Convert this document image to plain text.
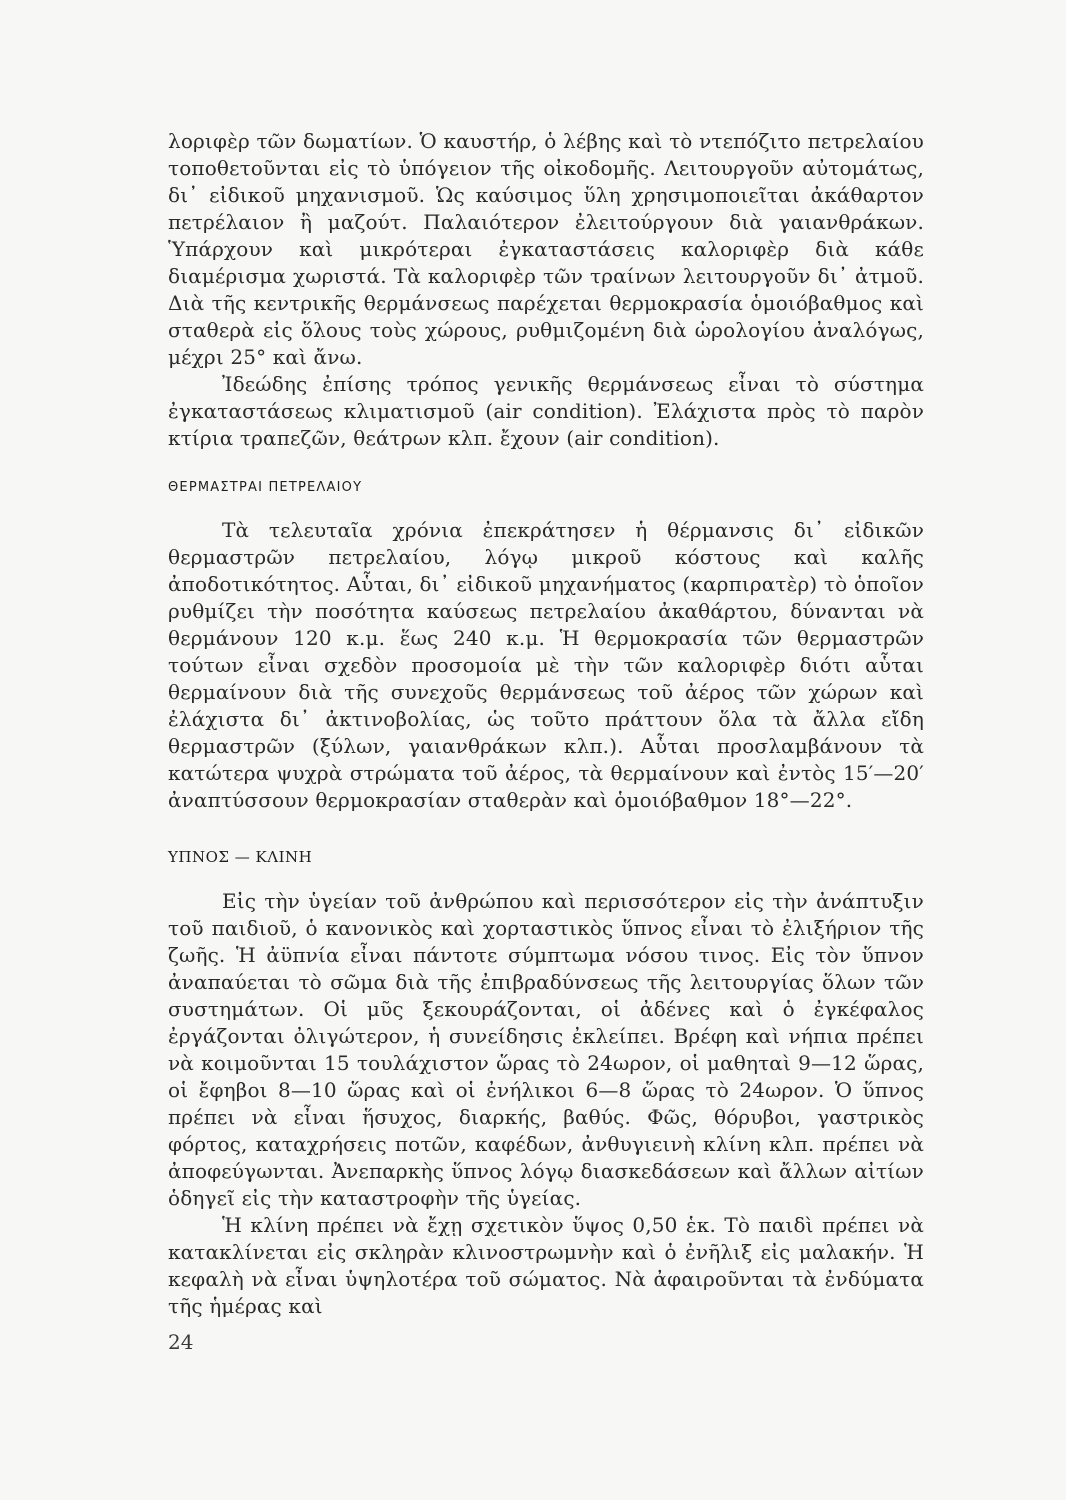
λοριφὲρ τῶν δωματίων. Ὁ καυστήρ, ὁ λέβης καὶ τὸ ντεπόζιτο πετρελαίου τοποθετοῦνται εἰς τὸ ὑπόγειον τῆς οἰκοδομῆς. Λειτουργοῦν αὐτομάτως, δι᾽ εἰδικοῦ μηχανισμοῦ. Ὡς καύσιμος ὕλη χρησιμοποιεῖται ἀκάθαρτον πετρέλαιον ἢ μαζούτ. Παλαιότερον ἐλειτούργουν διὰ γαιανθράκων. Ὑπάρχουν καὶ μικρότεραι ἐγκαταστάσεις καλοριφὲρ διὰ κάθε διαμέρισμα χωριστά. Τὰ καλοριφὲρ τῶν τραίνων λειτουργοῦν δι᾽ ἀτμοῦ. Διὰ τῆς κεντρικῆς θερμάνσεως παρέχεται θερμοκρασία ὁμοιόβαθμος καὶ σταθερὰ εἰς ὅλους τοὺς χώρους, ρυθμιζομένη διὰ ὡρολογίου ἀναλόγως, μέχρι 25° καὶ ἄνω.

Ἰδεώδης ἐπίσης τρόπος γενικῆς θερμάνσεως εἶναι τὸ σύστημα ἐγκαταστάσεως κλιματισμοῦ (air condition). Ἐλάχιστα πρὸς τὸ παρὸν κτίρια τραπεζῶν, θεάτρων κλπ. ἔχουν (air condition).

ΘΕΡΜΑΣΤΡΑΙ ΠΕΤΡΕΛΑΙΟΥ

Τὰ τελευταῖα χρόνια ἐπεκράτησεν ἡ θέρμανσις δι᾽ εἰδικῶν θερμαστρῶν πετρελαίου, λόγῳ μικροῦ κόστους καὶ καλῆς ἀποδοτικότητος. Αὗται, δι᾽ εἰδικοῦ μηχανήματος (καρπιρατὲρ) τὸ ὁποῖον ρυθμίζει τὴν ποσότητα καύσεως πετρελαίου ἀκαθάρτου, δύνανται νὰ θερμάνουν 120 κ.μ. ἕως 240 κ.μ. Ἡ θερμοκρασία τῶν θερμαστρῶν τούτων εἶναι σχεδὸν προσομοία μὲ τὴν τῶν καλοριφὲρ διότι αὗται θερμαίνουν διὰ τῆς συνεχοῦς θερμάνσεως τοῦ ἀέρος τῶν χώρων καὶ ἐλάχιστα δι᾽ ἀκτινοβολίας, ὡς τοῦτο πράττουν ὅλα τὰ ἄλλα εἴδη θερμαστρῶν (ξύλων, γαιανθράκων κλπ.). Αὗται προσλαμβάνουν τὰ κατώτερα ψυχρὰ στρώματα τοῦ ἀέρος, τὰ θερμαίνουν καὶ ἐντὸς 15′—20′ ἀναπτύσσουν θερμοκρασίαν σταθερὰν καὶ ὁμοιόβαθμον 18°—22°.

ΥΠΝΟΣ — ΚΛΙΝΗ

Εἰς τὴν ὑγείαν τοῦ ἀνθρώπου καὶ περισσότερον εἰς τὴν ἀνάπτυξιν τοῦ παιδιοῦ, ὁ κανονικὸς καὶ χορταστικὸς ὕπνος εἶναι τὸ ἐλιξήριον τῆς ζωῆς. Ἡ ἀϋπνία εἶναι πάντοτε σύμπτωμα νόσου τινος. Εἰς τὸν ὕπνον ἀναπαύεται τὸ σῶμα διὰ τῆς ἐπιβραδύνσεως τῆς λειτουργίας ὅλων τῶν συστημάτων. Οἱ μῦς ξεκουράζονται, οἱ ἀδένες καὶ ὁ ἐγκέφαλος ἐργάζονται ὀλιγώτερον, ἡ συνείδησις ἐκλείπει. Βρέφη καὶ νήπια πρέπει νὰ κοιμοῦνται 15 τουλάχιστον ὥρας τὸ 24ωρον, οἱ μαθηταὶ 9—12 ὥρας, οἱ ἔφηβοι 8—10 ὥρας καὶ οἱ ἐνήλικοι 6—8 ὥρας τὸ 24ωρον. Ὁ ὕπνος πρέπει νὰ εἶναι ἥσυχος, διαρκής, βαθύς. Φῶς, θόρυβοι, γαστρικὸς φόρτος, καταχρήσεις ποτῶν, καφέδων, ἀνθυγιεινὴ κλίνη κλπ. πρέπει νὰ ἀποφεύγωνται. Ἀνεπαρκὴς ὕπνος λόγῳ διασκεδάσεων καὶ ἄλλων αἰτίων ὁδηγεῖ εἰς τὴν καταστροφὴν τῆς ὑγείας.

Ἡ κλίνη πρέπει νὰ ἔχῃ σχετικὸν ὕψος 0,50 ἑκ. Τὸ παιδὶ πρέπει νὰ κατακλίνεται εἰς σκληρὰν κλινοστρωμνὴν καὶ ὁ ἐνῆλιξ εἰς μαλακήν. Ἡ κεφαλὴ νὰ εἶναι ὑψηλοτέρα τοῦ σώματος. Νὰ ἀφαιροῦνται τὰ ἐνδύματα τῆς ἡμέρας καὶ

24
